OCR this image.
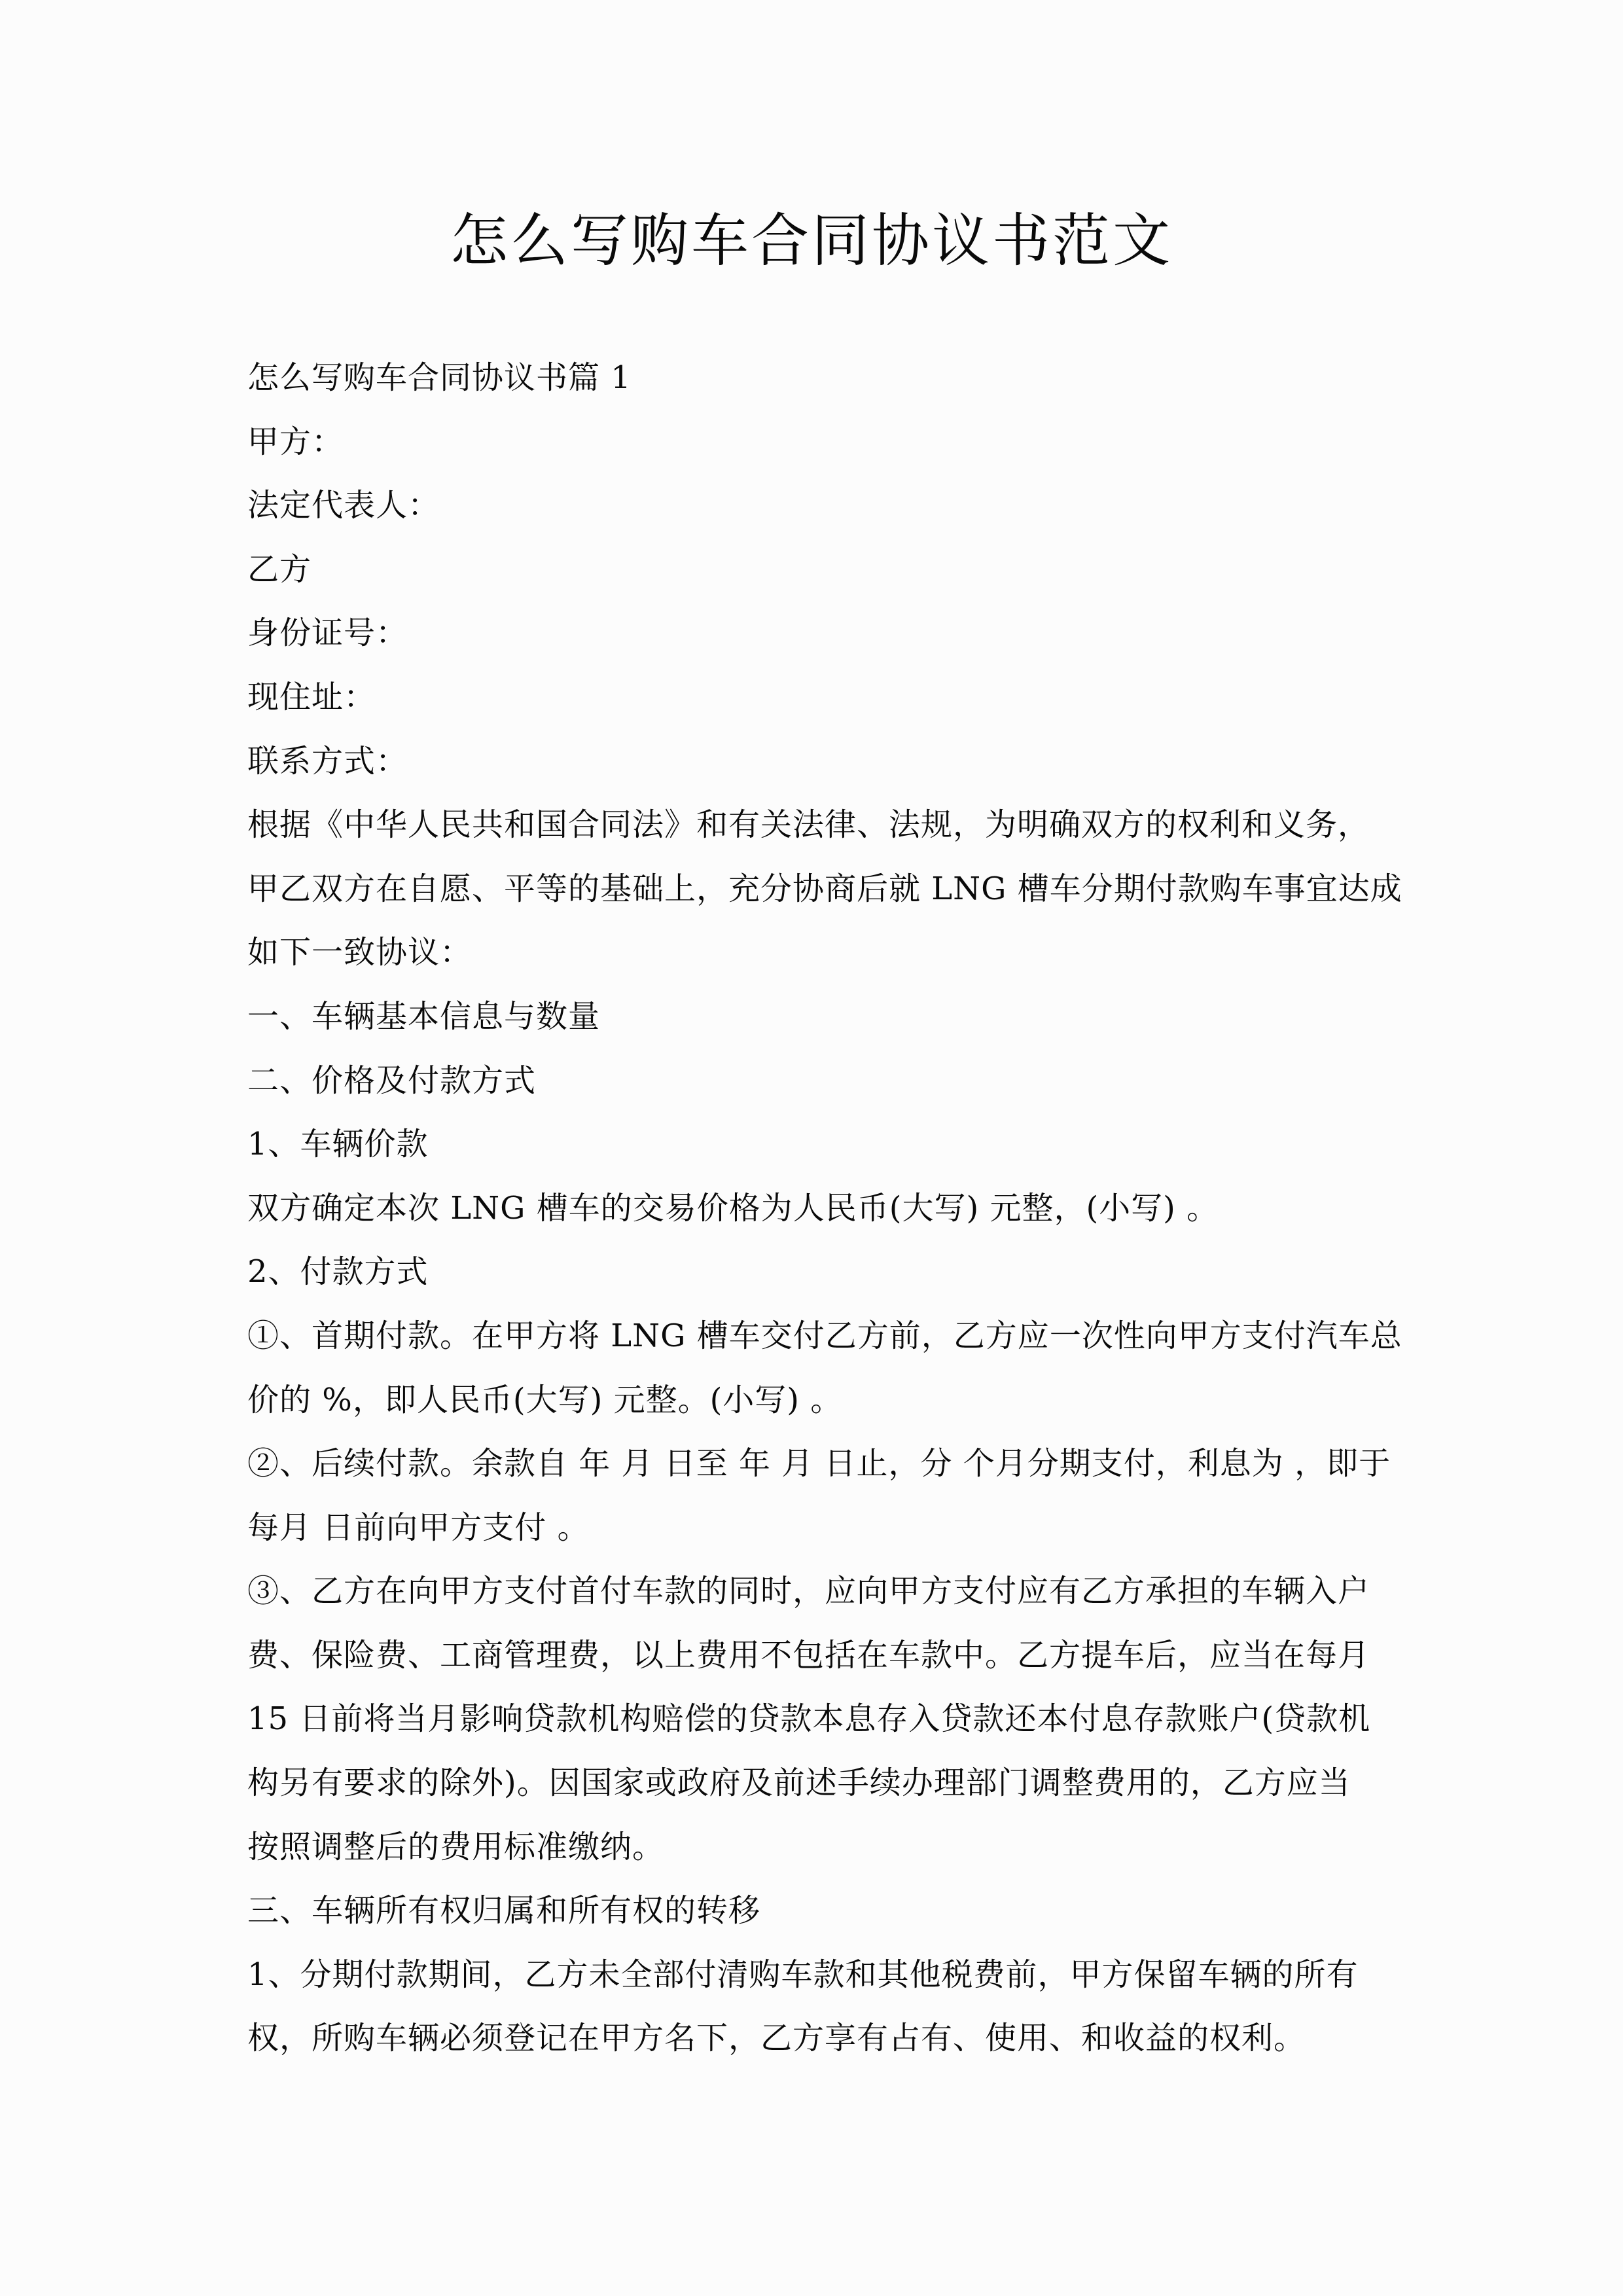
怎么写购车合同协议书范文
怎么写购车合同协议书篇 1
甲方：
法定代表人：
乙方
身份证号：
现住址：
联系方式：
根据《中华人民共和国合同法》和有关法律、法规，为明确双方的权利和义务，
甲乙双方在自愿、平等的基础上，充分协商后就 LNG 槽车分期付款购车事宜达成
如下一致协议：
一、车辆基本信息与数量
二、价格及付款方式
1、车辆价款
双方确定本次 LNG 槽车的交易价格为人民币(大写) 元整，(小写) 。
2、付款方式
①、首期付款。在甲方将 LNG 槽车交付乙方前，乙方应一次性向甲方支付汽车总
价的 %，即人民币(大写) 元整。(小写) 。
②、后续付款。余款自 年 月 日至 年 月 日止，分 个月分期支付，利息为 ，即于
每月 日前向甲方支付 。
③、乙方在向甲方支付首付车款的同时，应向甲方支付应有乙方承担的车辆入户
费、保险费、工商管理费，以上费用不包括在车款中。乙方提车后，应当在每月
15 日前将当月影响贷款机构赔偿的贷款本息存入贷款还本付息存款账户(贷款机
构另有要求的除外)。因国家或政府及前述手续办理部门调整费用的，乙方应当
按照调整后的费用标准缴纳。
三、车辆所有权归属和所有权的转移
1、分期付款期间，乙方未全部付清购车款和其他税费前，甲方保留车辆的所有
权，所购车辆必须登记在甲方名下，乙方享有占有、使用、和收益的权利。
